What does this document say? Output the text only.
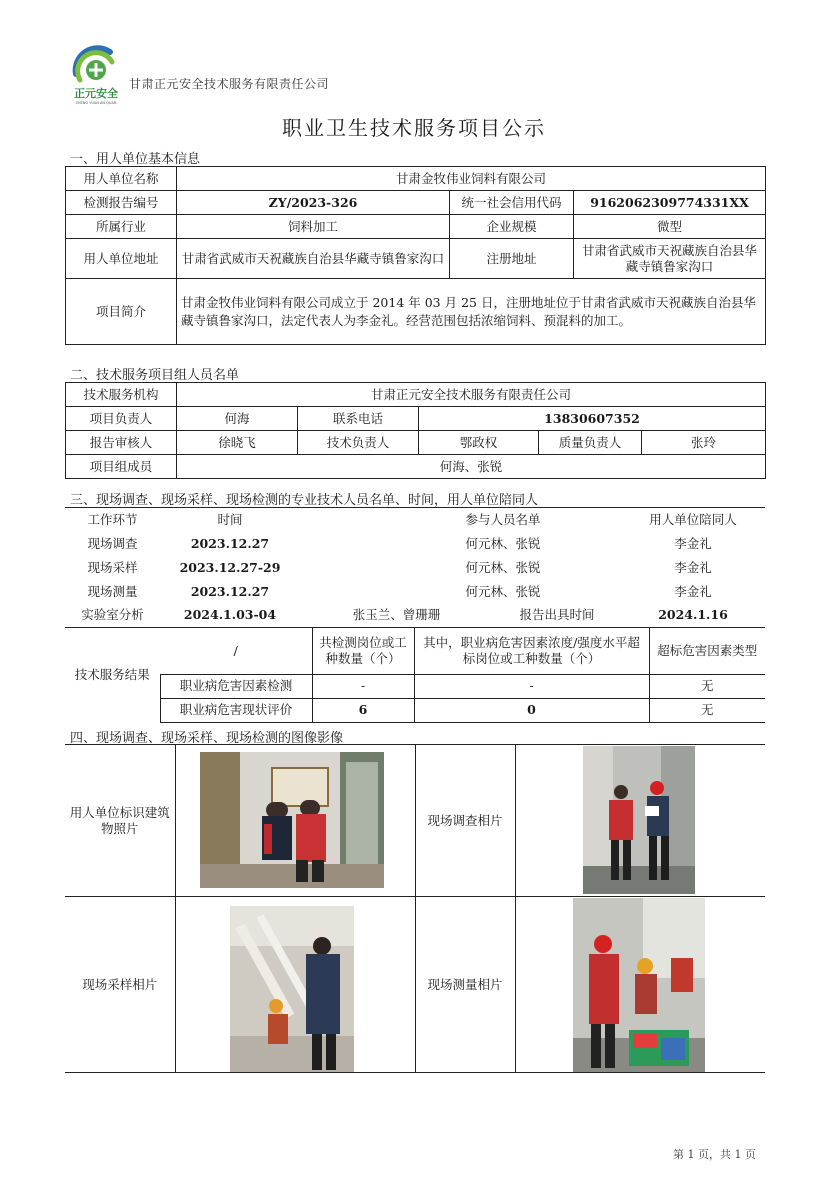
正元安全
ZHENG YUAN AN QUAN
甘肃正元安全技术服务有限责任公司
职业卫生技术服务项目公示
一、用人单位基本信息
用人单位名称	甘肃金牧伟业饲料有限公司		
检测报告编号	ZY/2023-326	统一社会信用代码	9162062309774331XX
所属行业	饲料加工	企业规模	微型
用人单位地址	甘肃省武威市天祝藏族自治县华藏寺镇鲁家沟口	注册地址	甘肃省武威市天祝藏族自治县华藏寺镇鲁家沟口
项目简介	甘肃金牧伟业饲料有限公司成立于 2014 年 03 月 25 日，注册地址位于甘肃省武威市天祝藏族自治县华藏寺镇鲁家沟口，法定代表人为李金礼。经营范围包括浓缩饲料、预混料的加工。		
二、技术服务项目组人员名单
技术服务机构	甘肃正元安全技术服务有限责任公司				
项目负责人	何海	联系电话	13830607352		
报告审核人	徐晓飞	技术负责人	鄂政权	质量负责人	张玲
项目组成员	何海、张锐				
三、现场调查、现场采样、现场检测的专业技术人员名单、时间，用人单位陪同人
工作环节	时间		参与人员名单		用人单位陪同人
现场调查	2023.12.27		何元林、张锐		李金礼
现场采样	2023.12.27-29		何元林、张锐		李金礼
现场测量	2023.12.27		何元林、张锐		李金礼
实验室分析	2024.1.03-04	张玉兰、曾珊珊		报告出具时间	2024.1.16
技术服务结果	/	共检测岗位或工种数量（个）	其中，职业病危害因素浓度/强度水平超标岗位或工种数量（个）	超标危害因素类型
	职业病危害因素检测	-	-	无
	职业病危害现状评价	6	0	无
四、现场调查、现场采样、现场检测的图像影像
用人单位标识建筑物照片		现场调查相片	
现场采样相片		现场测量相片	
第 1 页，共 1 页
